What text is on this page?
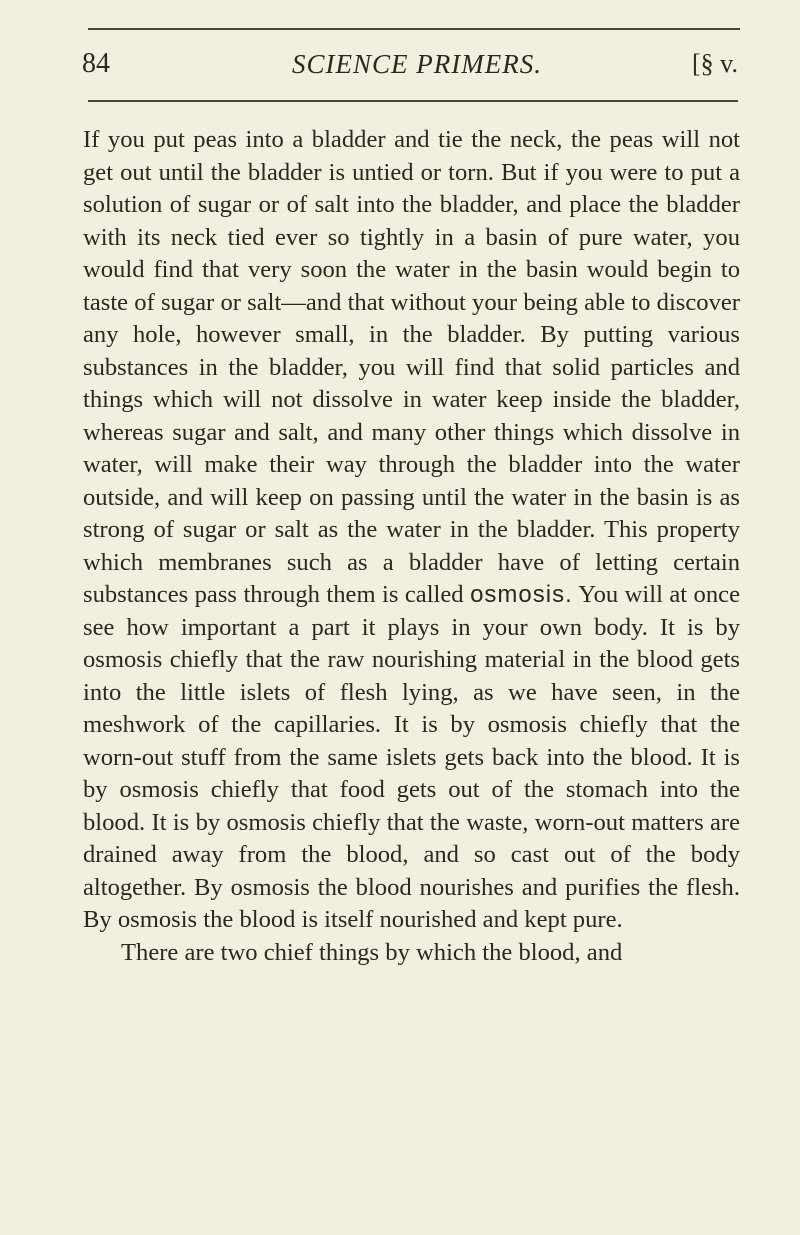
84	SCIENCE PRIMERS.	[§ v.

If you put peas into a bladder and tie the neck, the peas will not get out until the bladder is untied or torn. But if you were to put a solution of sugar or of salt into the bladder, and place the bladder with its neck tied ever so tightly in a basin of pure water, you would find that very soon the water in the basin would begin to taste of sugar or salt—and that without your being able to discover any hole, however small, in the bladder. By putting various substances in the bladder, you will find that solid particles and things which will not dissolve in water keep inside the bladder, whereas sugar and salt, and many other things which dissolve in water, will make their way through the bladder into the water outside, and will keep on passing until the water in the basin is as strong of sugar or salt as the water in the bladder. This property which membranes such as a bladder have of letting certain substances pass through them is called osmosis. You will at once see how important a part it plays in your own body. It is by osmosis chiefly that the raw nourishing material in the blood gets into the little islets of flesh lying, as we have seen, in the meshwork of the capillaries. It is by osmosis chiefly that the worn-out stuff from the same islets gets back into the blood. It is by osmosis chiefly that food gets out of the stomach into the blood. It is by osmosis chiefly that the waste, worn-out matters are drained away from the blood, and so cast out of the body altogether. By osmosis the blood nourishes and purifies the flesh. By osmosis the blood is itself nourished and kept pure.

There are two chief things by which the blood, and
